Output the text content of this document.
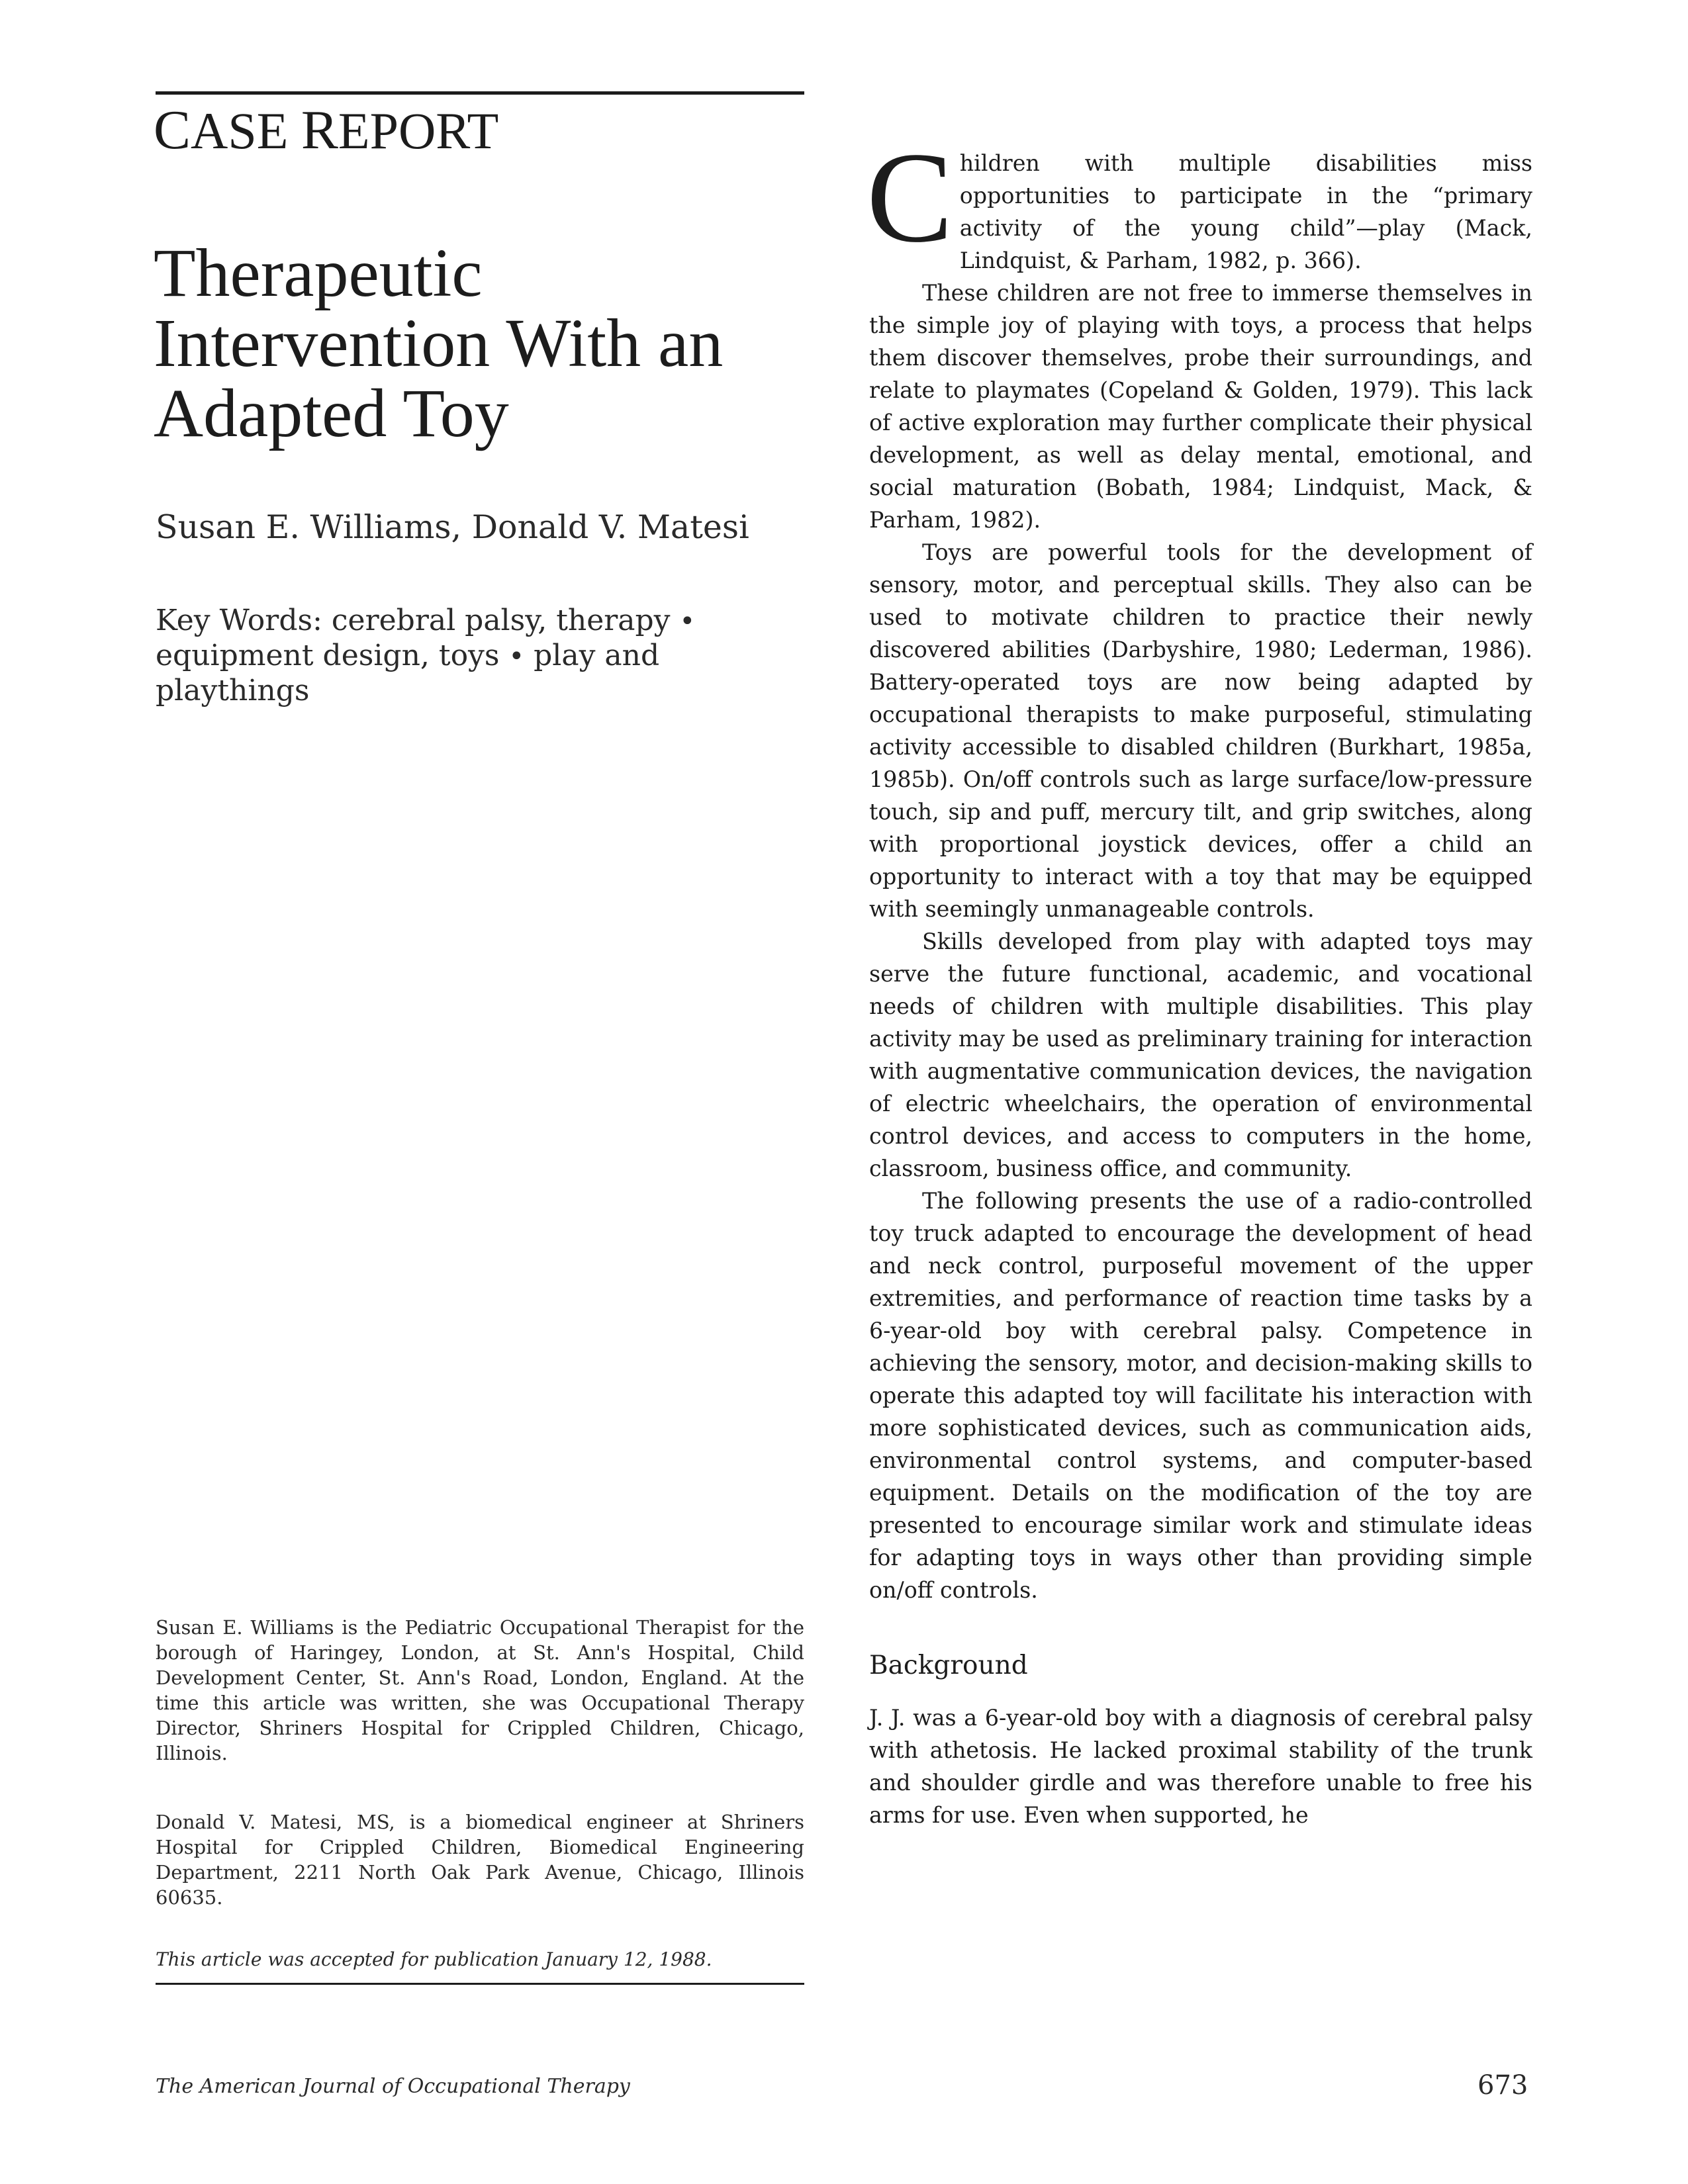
CASE REPORT
Therapeutic Intervention With an Adapted Toy

Susan E. Williams, Donald V. Matesi

Key Words: cerebral palsy, therapy •
equipment design, toys • play and playthings

Susan E. Williams is the Pediatric Occupational Therapist for the borough of Haringey, London, at St. Ann's Hospital, Child Development Center, St. Ann's Road, London, England. At the time this article was written, she was Occupational Therapy Director, Shriners Hospital for Crippled Children, Chicago, Illinois.

Donald V. Matesi, MS, is a biomedical engineer at Shriners Hospital for Crippled Children, Biomedical Engineering Department, 2211 North Oak Park Avenue, Chicago, Illinois 60635.

This article was accepted for publication January 12, 1988.

Children with multiple disabilities miss opportunities to participate in the “primary activity of the young child”—play (Mack, Lindquist, & Parham, 1982, p. 366).

These children are not free to immerse themselves in the simple joy of playing with toys, a process that helps them discover themselves, probe their surroundings, and relate to playmates (Copeland & Golden, 1979). This lack of active exploration may further complicate their physical development, as well as delay mental, emotional, and social maturation (Bobath, 1984; Lindquist, Mack, & Parham, 1982).

Toys are powerful tools for the development of sensory, motor, and perceptual skills. They also can be used to motivate children to practice their newly discovered abilities (Darbyshire, 1980; Lederman, 1986). Battery-operated toys are now being adapted by occupational therapists to make purposeful, stimulating activity accessible to disabled children (Burkhart, 1985a, 1985b). On/off controls such as large surface/low-pressure touch, sip and puff, mercury tilt, and grip switches, along with proportional joystick devices, offer a child an opportunity to interact with a toy that may be equipped with seemingly unmanageable controls.

Skills developed from play with adapted toys may serve the future functional, academic, and vocational needs of children with multiple disabilities. This play activity may be used as preliminary training for interaction with augmentative communication devices, the navigation of electric wheelchairs, the operation of environmental control devices, and access to computers in the home, classroom, business office, and community.

The following presents the use of a radio-controlled toy truck adapted to encourage the development of head and neck control, purposeful movement of the upper extremities, and performance of reaction time tasks by a 6-year-old boy with cerebral palsy. Competence in achieving the sensory, motor, and decision-making skills to operate this adapted toy will facilitate his interaction with more sophisticated devices, such as communication aids, environmental control systems, and computer-based equipment. Details on the modification of the toy are presented to encourage similar work and stimulate ideas for adapting toys in ways other than providing simple on/off controls.

Background

J. J. was a 6-year-old boy with a diagnosis of cerebral palsy with athetosis. He lacked proximal stability of the trunk and shoulder girdle and was therefore unable to free his arms for use. Even when supported, he

The American Journal of Occupational Therapy	673
